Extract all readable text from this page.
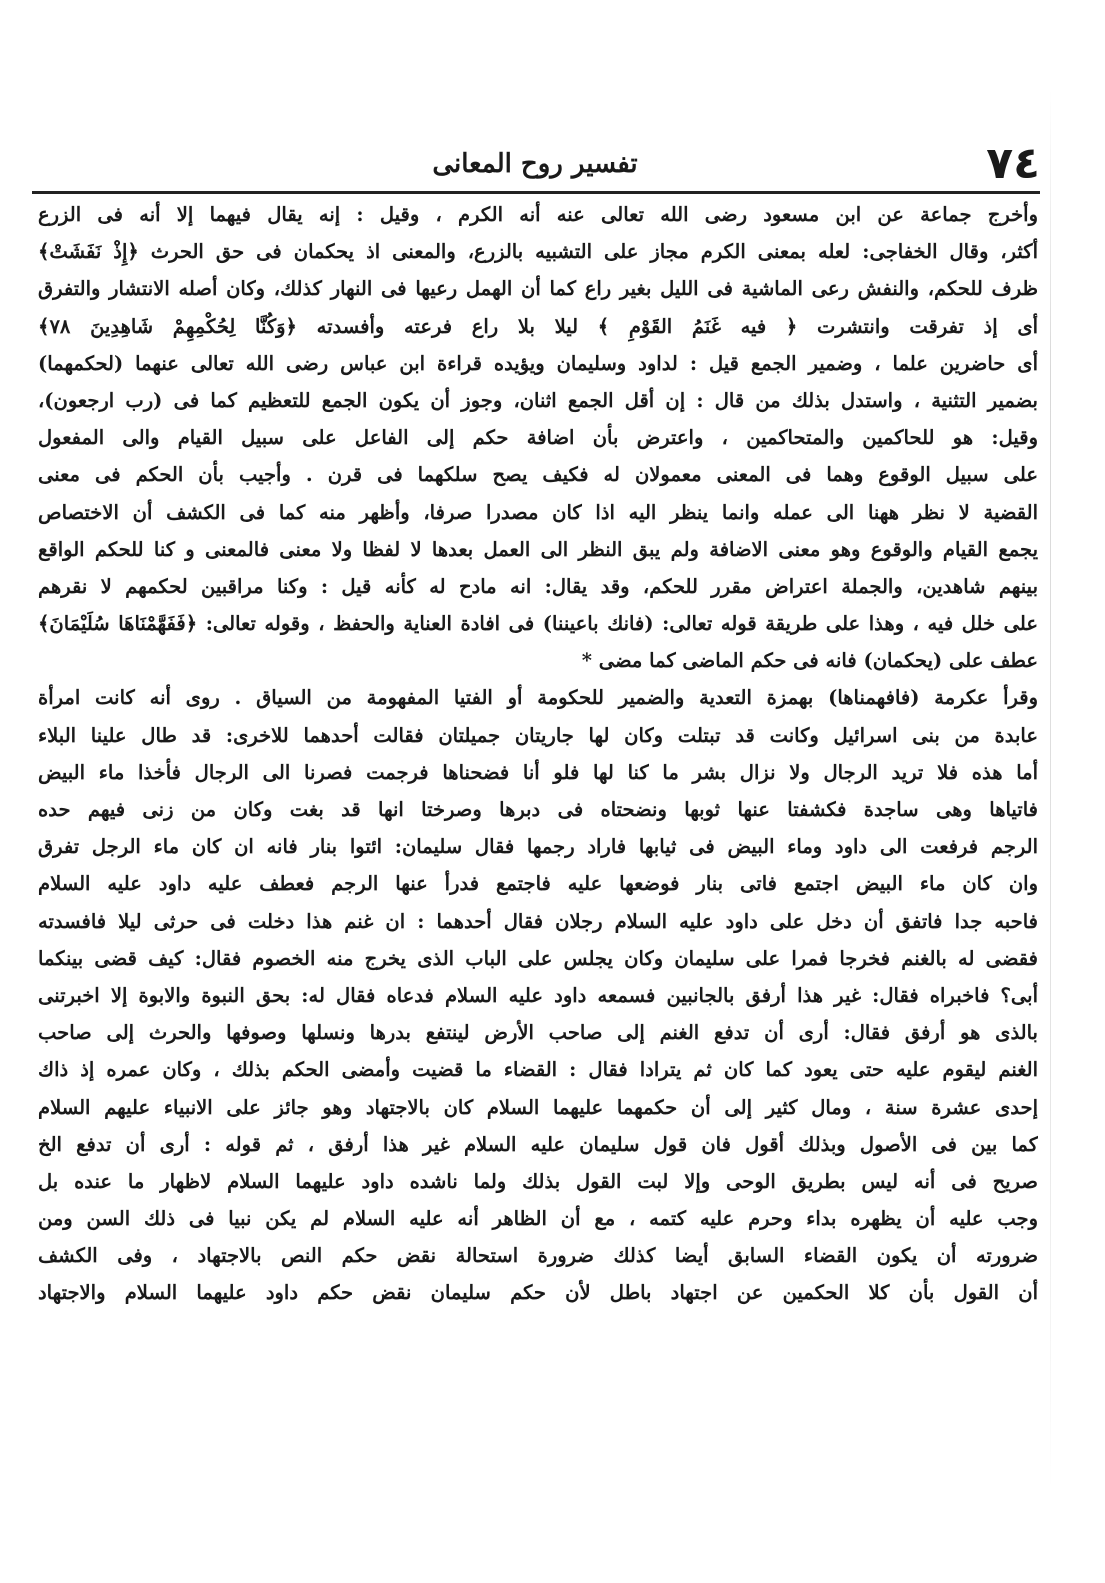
٧٤
تفسير روح المعانى
وأخرج جماعة عن ابن مسعود رضى الله تعالى عنه أنه الكرم ، وقيل : إنه يقال فيهما إلا أنه فى الزرع
أكثر، وقال الخفاجى: لعله بمعنى الكرم مجاز على التشبيه بالزرع، والمعنى اذ يحكمان فى حق الحرث ﴿إِذْ نَفَشَتْ﴾
ظرف للحكم، والنفش رعى الماشية فى الليل بغير راع كما أن الهمل رعيها فى النهار كذلك، وكان أصله الانتشار والتفرق
أى إذ تفرقت وانتشرت ﴿ فيه غَنَمُ القَوْمِ ﴾ ليلا بلا راع فرعته وأفسدته ﴿وَكُنَّا لِحُكْمِهِمْ شَاهِدِينَ ٧٨﴾
أى حاضرين علما ، وضمير الجمع قيل : لداود وسليمان ويؤيده قراءة ابن عباس رضى الله تعالى عنهما (لحكمهما)
بضمير التثنية ، واستدل بذلك من قال : إن أقل الجمع اثنان، وجوز أن يكون الجمع للتعظيم كما فى (رب ارجعون)،
وقيل: هو للحاكمين والمتحاكمين ، واعترض بأن اضافة حكم إلى الفاعل على سبيل القيام والى المفعول
على سبيل الوقوع وهما فى المعنى معمولان له فكيف يصح سلكهما فى قرن . وأجيب بأن الحكم فى معنى
القضية لا نظر ههنا الى عمله وانما ينظر اليه اذا كان مصدرا صرفا، وأظهر منه كما فى الكشف أن الاختصاص
يجمع القيام والوقوع وهو معنى الاضافة ولم يبق النظر الى العمل بعدها لا لفظا ولا معنى فالمعنى و كنا للحكم الواقع
بينهم شاهدين، والجملة اعتراض مقرر للحكم، وقد يقال: انه مادح له كأنه قيل : وكنا مراقبين لحكمهم لا نقرهم
على خلل فيه ، وهذا على طريقة قوله تعالى: (فانك باعيننا) فى افادة العناية والحفظ ، وقوله تعالى: ﴿فَفَهَّمْنَاهَا سُلَيْمَانَ﴾
عطف على (يحكمان) فانه فى حكم الماضى كما مضى *
وقرأ عكرمة (فافهمناها) بهمزة التعدية والضمير للحكومة أو الفتيا المفهومة من السياق . روى أنه كانت امرأة
عابدة من بنى اسرائيل وكانت قد تبتلت وكان لها جاريتان جميلتان فقالت أحدهما للاخرى: قد طال علينا البلاء
أما هذه فلا تريد الرجال ولا نزال بشر ما كنا لها فلو أنا فضحناها فرجمت فصرنا الى الرجال فأخذا ماء البيض
فاتياها وهى ساجدة فكشفتا عنها ثوبها ونضحتاه فى دبرها وصرختا انها قد بغت وكان من زنى فيهم حده
الرجم فرفعت الى داود وماء البيض فى ثيابها فاراد رجمها فقال سليمان: ائتوا بنار فانه ان كان ماء الرجل تفرق
وان كان ماء البيض اجتمع فاتى بنار فوضعها عليه فاجتمع فدرأ عنها الرجم فعطف عليه داود عليه السلام
فاحبه جدا فاتفق أن دخل على داود عليه السلام رجلان فقال أحدهما : ان غنم هذا دخلت فى حرثى ليلا فافسدته
فقضى له بالغنم فخرجا فمرا على سليمان وكان يجلس على الباب الذى يخرج منه الخصوم فقال: كيف قضى بينكما
أبى؟ فاخبراه فقال: غير هذا أرفق بالجانبين فسمعه داود عليه السلام فدعاه فقال له: بحق النبوة والابوة إلا اخبرتنى
بالذى هو أرفق فقال: أرى أن تدفع الغنم إلى صاحب الأرض لينتفع بدرها ونسلها وصوفها والحرث إلى صاحب
الغنم ليقوم عليه حتى يعود كما كان ثم يترادا فقال : القضاء ما قضيت وأمضى الحكم بذلك ، وكان عمره إذ ذاك
إحدى عشرة سنة ، ومال كثير إلى أن حكمهما عليهما السلام كان بالاجتهاد وهو جائز على الانبياء عليهم السلام
كما بين فى الأصول وبذلك أقول فان قول سليمان عليه السلام غير هذا أرفق ، ثم قوله : أرى أن تدفع الخ
صريح فى أنه ليس بطريق الوحى وإلا لبت القول بذلك ولما ناشده داود عليهما السلام لاظهار ما عنده بل
وجب عليه أن يظهره بداء وحرم عليه كتمه ، مع أن الظاهر أنه عليه السلام لم يكن نبيا فى ذلك السن ومن
ضرورته أن يكون القضاء السابق أيضا كذلك ضرورة استحالة نقض حكم النص بالاجتهاد ، وفى الكشف
أن القول بأن كلا الحكمين عن اجتهاد باطل لأن حكم سليمان نقض حكم داود عليهما السلام والاجتهاد
